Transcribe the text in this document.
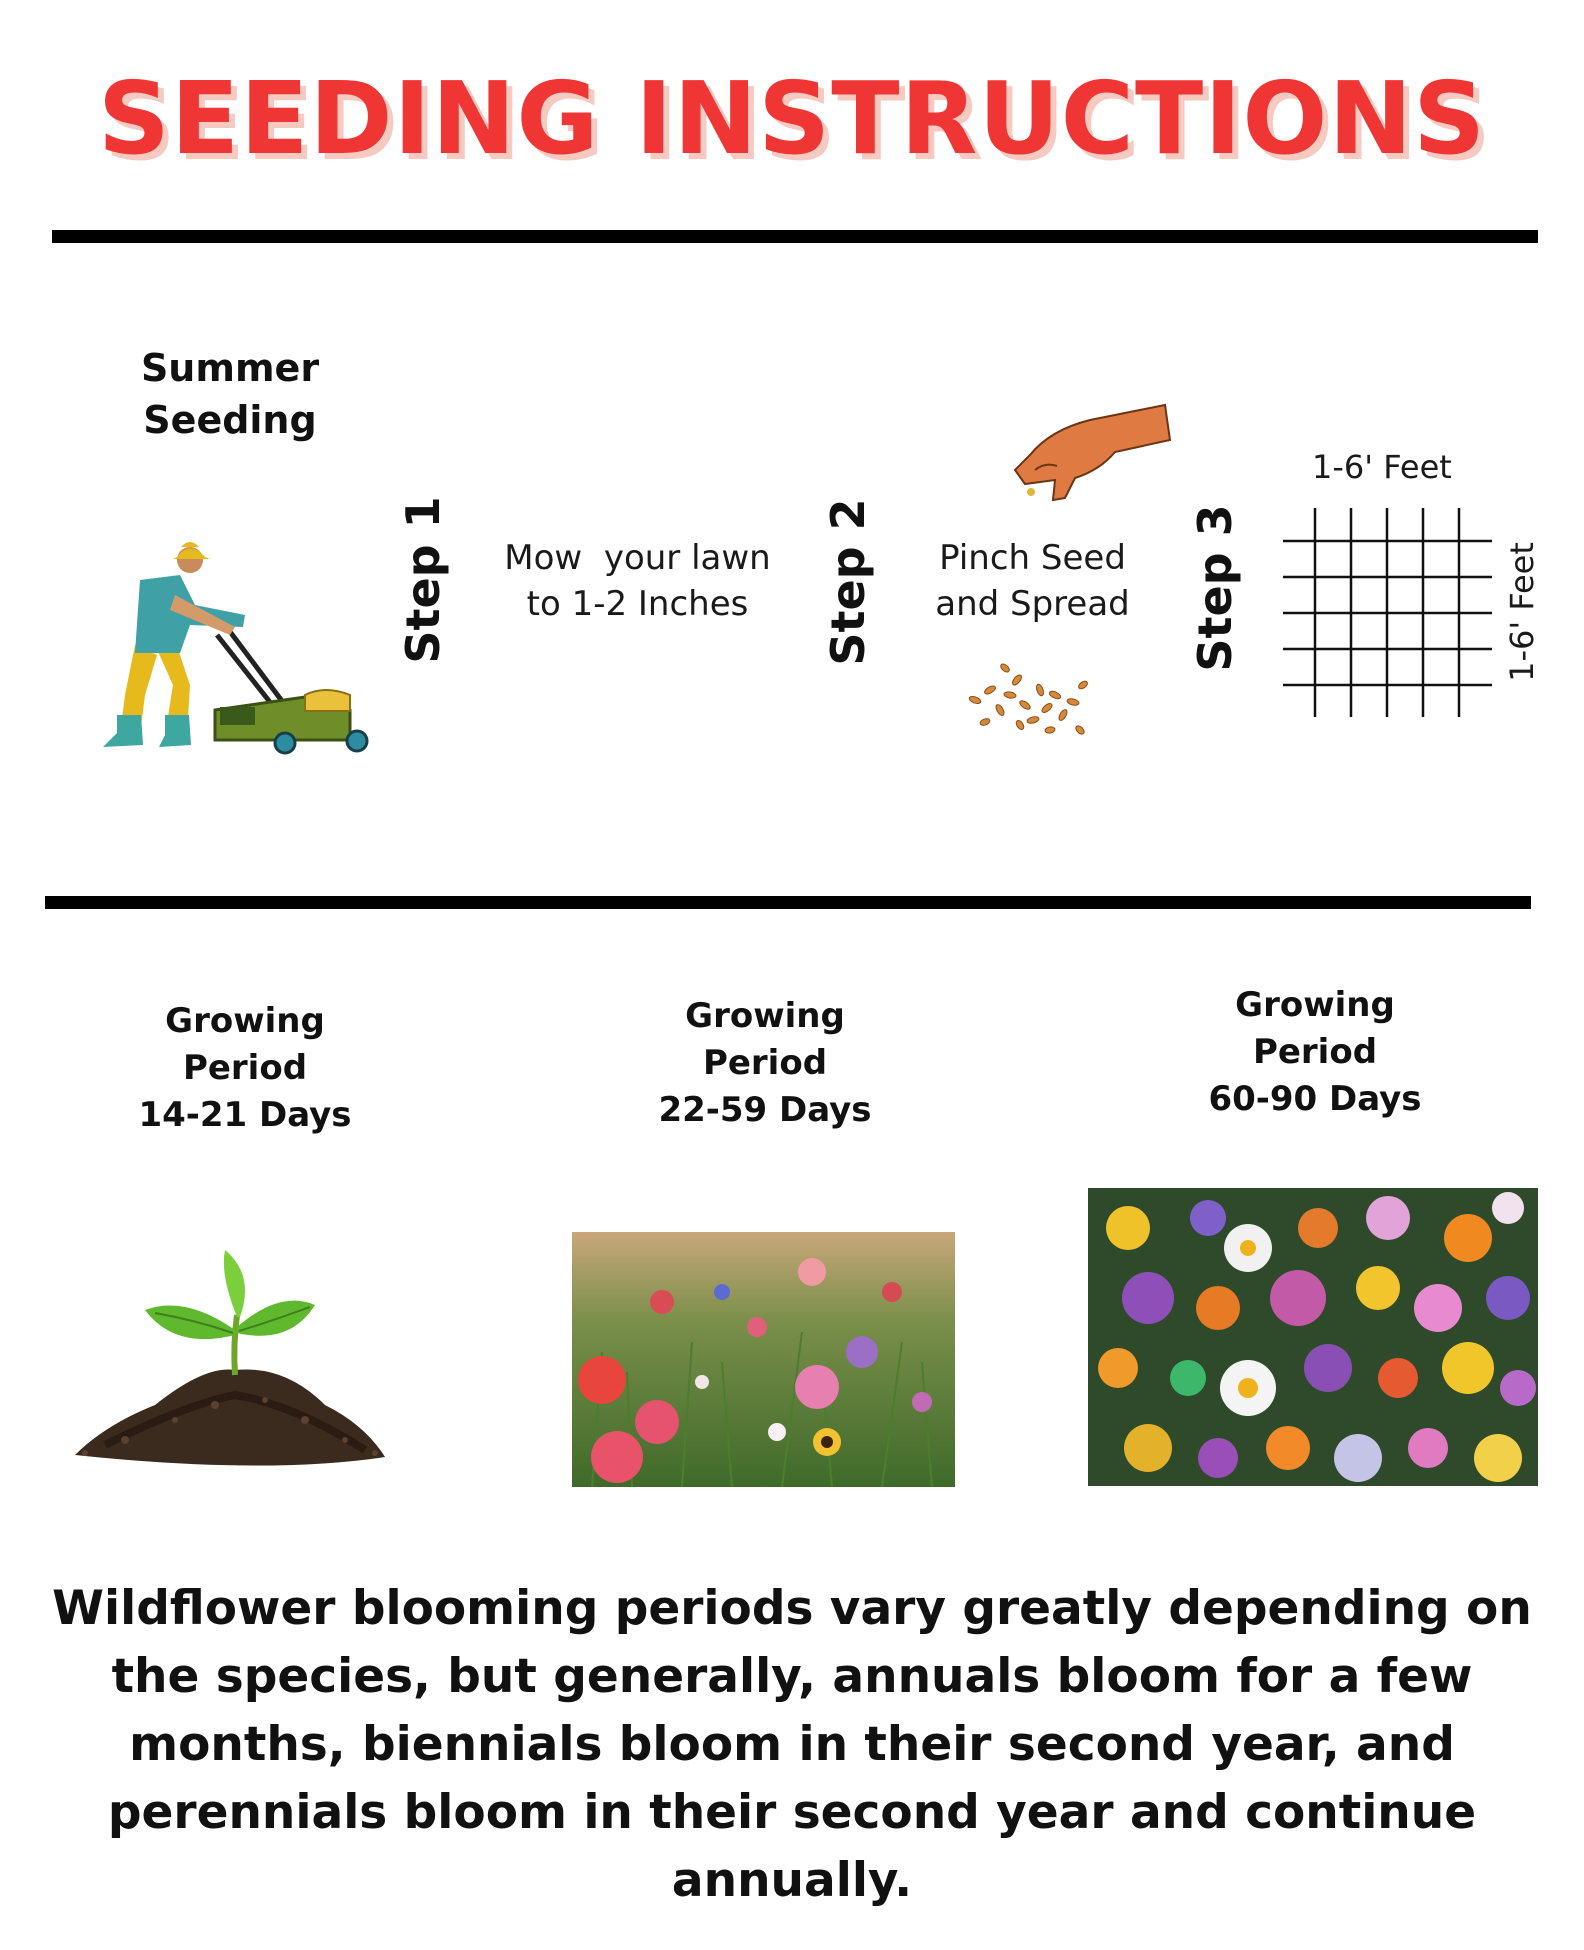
SEEDING INSTRUCTIONS
Summer
Seeding
Step 1	Step 2	Step 3
Mow  your lawn
to 1-2 Inches
Pinch Seed
and Spread
1-6' Feet
1-6' Feet
Growing
Period
14-21 Days
Growing
Period
22-59 Days
Growing
Period
60-90 Days
Wildflower blooming periods vary greatly depending on the species, but generally, annuals bloom for a few months, biennials bloom in their second year, and perennials bloom in their second year and continue annually.
